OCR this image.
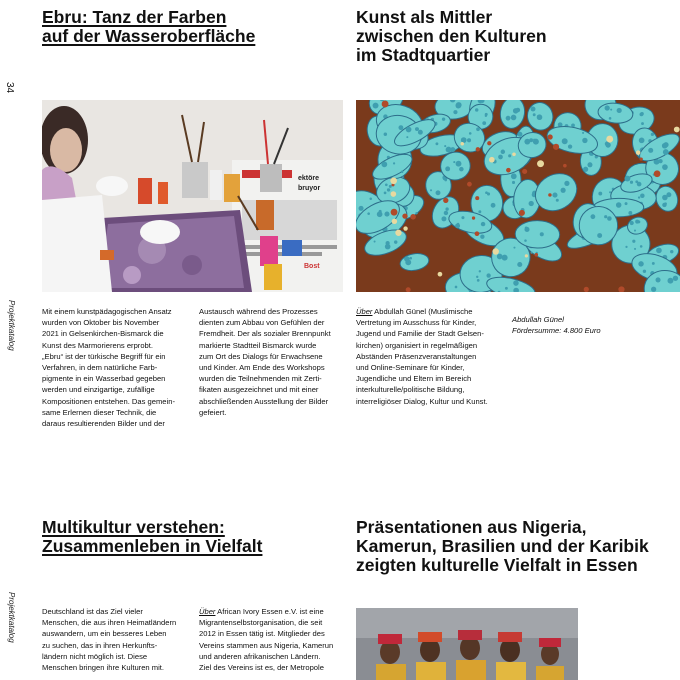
34
Projektkatalog
Projektkatalog
Ebru: Tanz der Farben
auf der Wasseroberfläche
ektöre
bruyor
Bost

Mit einem kunstpädagogischen Ansatz
wurden von Oktober bis November
2021 in Gelsenkirchen-Bismarck die
Kunst des Marmorierens erprobt.
„Ebru“ ist der türkische Begriff für ein
Verfahren, in dem natürliche Farb-
pigmente in ein Wasserbad gegeben
werden und einzigartige, zufällige
Kompositionen entstehen. Das gemein-
same Erlernen dieser Technik, die
daraus resultierenden Bilder und der

Austausch während des Prozesses
dienten zum Abbau von Gefühlen der
Fremdheit. Der als sozialer Brennpunkt
markierte Stadtteil Bismarck wurde
zum Ort des Dialogs für Erwachsene
und Kinder. Am Ende des Workshops
wurden die Teilnehmenden mit Zerti-
fikaten ausgezeichnet und mit einer
abschließenden Ausstellung der Bilder
gefeiert.

Kunst als Mittler
zwischen den Kulturen
im Stadtquartier

Über Abdullah Günel (Muslimische
Vertretung im Ausschuss für Kinder,
Jugend und Familie der Stadt Gelsen-
kirchen) organisiert in regelmäßigen
Abständen Präsenzveranstaltungen
und Online-Seminare für Kinder,
Jugendliche und Eltern im Bereich
interkulturelle/politische Bildung,
interreligiöser Dialog, Kultur und Kunst.

Abdullah Günel
Fördersumme: 4.800 Euro

Multikultur verstehen:
Zusammenleben in Vielfalt

Deutschland ist das Ziel vieler
Menschen, die aus ihren Heimatländern
auswandern, um ein besseres Leben
zu suchen, das in ihren Herkunfts-
ländern nicht möglich ist. Diese
Menschen bringen ihre Kulturen mit.

Über African Ivory Essen e.V. ist eine
Migrantenselbstorganisation, die seit
2012 in Essen tätig ist. Mitglieder des
Vereins stammen aus Nigeria, Kamerun
und anderen afrikanischen Ländern.
Ziel des Vereins ist es, der Metropole

Präsentationen aus Nigeria,
Kamerun, Brasilien und der Karibik
zeigten kulturelle Vielfalt in Essen
